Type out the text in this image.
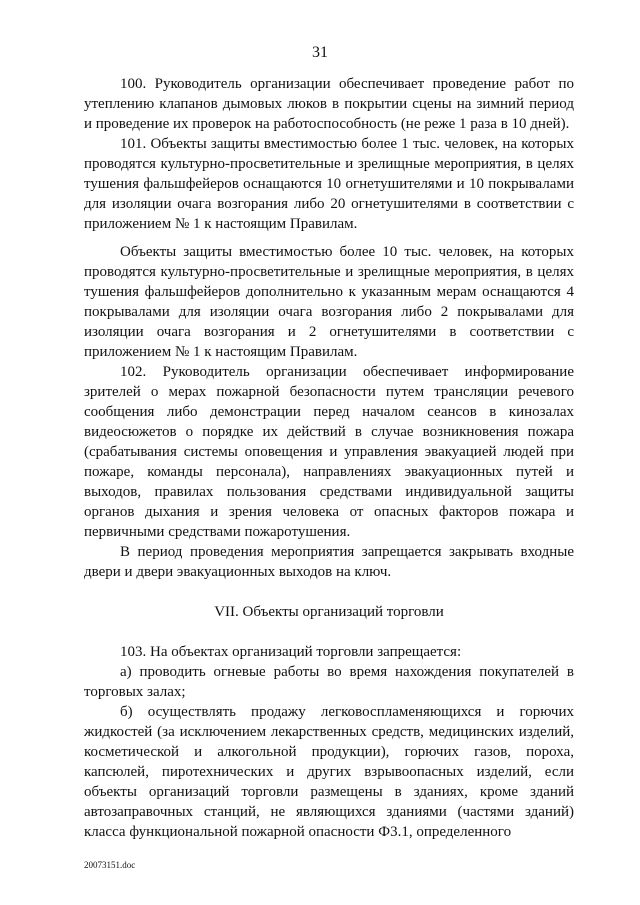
31

100. Руководитель организации обеспечивает проведение работ по утеплению клапанов дымовых люков в покрытии сцены на зимний период и проведение их проверок на работоспособность (не реже 1 раза в 10 дней).

101. Объекты защиты вместимостью более 1 тыс. человек, на которых проводятся культурно-просветительные и зрелищные мероприятия, в целях тушения фальшфейеров оснащаются 10 огнетушителями и 10 покрывалами для изоляции очага возгорания либо 20 огнетушителями в соответствии с приложением № 1 к настоящим Правилам.

Объекты защиты вместимостью более 10 тыс. человек, на которых проводятся культурно-просветительные и зрелищные мероприятия, в целях тушения фальшфейеров дополнительно к указанным мерам оснащаются 4 покрывалами для изоляции очага возгорания либо 2 покрывалами для изоляции очага возгорания и 2 огнетушителями в соответствии с приложением № 1 к настоящим Правилам.

102. Руководитель организации обеспечивает информирование зрителей о мерах пожарной безопасности путем трансляции речевого сообщения либо демонстрации перед началом сеансов в кинозалах видеосюжетов о порядке их действий в случае возникновения пожара (срабатывания системы оповещения и управления эвакуацией людей при пожаре, команды персонала), направлениях эвакуационных путей и выходов, правилах пользования средствами индивидуальной защиты органов дыхания и зрения человека от опасных факторов пожара и первичными средствами пожаротушения.

В период проведения мероприятия запрещается закрывать входные двери и двери эвакуационных выходов на ключ.

VII. Объекты организаций торговли

103. На объектах организаций торговли запрещается:

а) проводить огневые работы во время нахождения покупателей в торговых залах;

б) осуществлять продажу легковоспламеняющихся и горючих жидкостей (за исключением лекарственных средств, медицинских изделий, косметической и алкогольной продукции), горючих газов, пороха, капсюлей, пиротехнических и других взрывоопасных изделий, если объекты организаций торговли размещены в зданиях, кроме зданий автозаправочных станций, не являющихся зданиями (частями зданий) класса функциональной пожарной опасности Ф3.1, определенного

20073151.doc
